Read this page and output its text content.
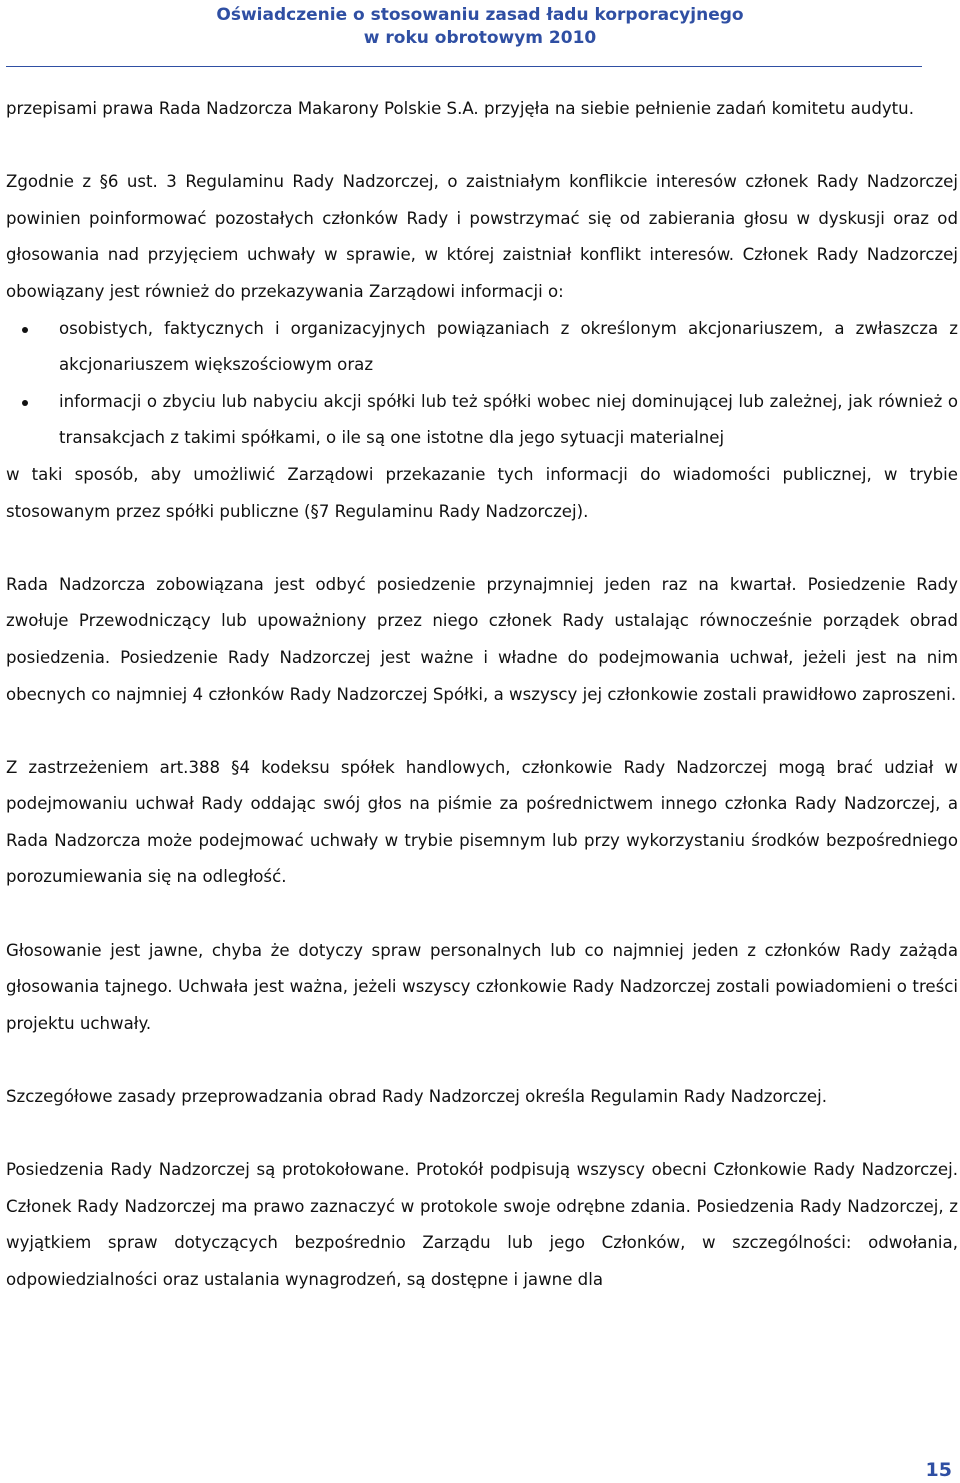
Oświadczenie o stosowaniu zasad ładu korporacyjnego
w roku obrotowym 2010

przepisami prawa Rada Nadzorcza Makarony Polskie S.A. przyjęła na siebie pełnienie zadań komitetu audytu.

Zgodnie z §6 ust. 3 Regulaminu Rady Nadzorczej, o zaistniałym konflikcie interesów członek Rady Nadzorczej powinien poinformować pozostałych członków Rady i powstrzymać się od zabierania głosu w dyskusji oraz od głosowania nad przyjęciem uchwały w sprawie, w której zaistniał konflikt interesów. Członek Rady Nadzorczej obowiązany jest również do przekazywania Zarządowi informacji o:

osobistych, faktycznych i organizacyjnych powiązaniach z określonym akcjonariuszem, a zwłaszcza z akcjonariuszem większościowym oraz
informacji o zbyciu lub nabyciu akcji spółki lub też spółki wobec niej dominującej lub zależnej, jak również o transakcjach z takimi spółkami, o ile są one istotne dla jego sytuacji materialnej

w taki sposób, aby umożliwić Zarządowi przekazanie tych informacji do wiadomości publicznej, w trybie stosowanym przez spółki publiczne (§7 Regulaminu Rady Nadzorczej).

Rada Nadzorcza zobowiązana jest odbyć posiedzenie przynajmniej jeden raz na kwartał. Posiedzenie Rady zwołuje Przewodniczący lub upoważniony przez niego członek Rady ustalając równocześnie porządek obrad posiedzenia. Posiedzenie Rady Nadzorczej jest ważne i władne do podejmowania uchwał, jeżeli jest na nim obecnych co najmniej 4 członków Rady Nadzorczej Spółki, a wszyscy jej członkowie zostali prawidłowo zaproszeni.

Z zastrzeżeniem art.388 §4 kodeksu spółek handlowych, członkowie Rady Nadzorczej mogą brać udział w podejmowaniu uchwał Rady oddając swój głos na piśmie za pośrednictwem innego członka Rady Nadzorczej, a Rada Nadzorcza może podejmować uchwały w trybie pisemnym lub przy wykorzystaniu środków bezpośredniego porozumiewania się na odległość.

Głosowanie jest jawne, chyba że dotyczy spraw personalnych lub co najmniej jeden z członków Rady zażąda głosowania tajnego. Uchwała jest ważna, jeżeli wszyscy członkowie Rady Nadzorczej zostali powiadomieni o treści projektu uchwały.

Szczegółowe zasady przeprowadzania obrad Rady Nadzorczej określa Regulamin Rady Nadzorczej.

Posiedzenia Rady Nadzorczej są protokołowane. Protokół podpisują wszyscy obecni Członkowie Rady Nadzorczej. Członek Rady Nadzorczej ma prawo zaznaczyć w protokole swoje odrębne zdania. Posiedzenia Rady Nadzorczej, z wyjątkiem spraw dotyczących bezpośrednio Zarządu lub jego Członków, w szczególności: odwołania, odpowiedzialności oraz ustalania wynagrodzeń, są dostępne i jawne dla

15
